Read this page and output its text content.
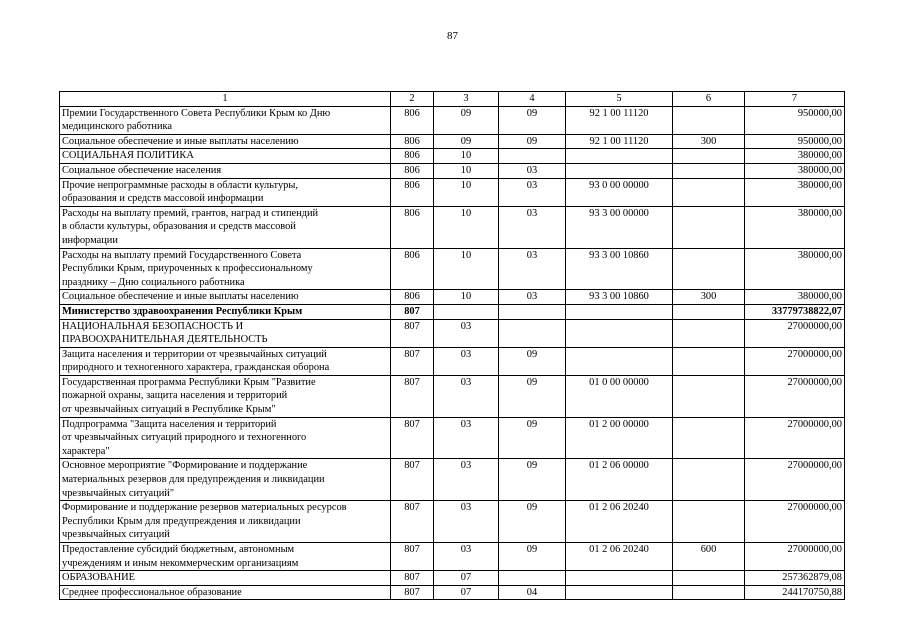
87
1	2	3	4	5	6	7
Премии Государственного Совета Республики Крым ко Дню
медицинского работника	806	09	09	92 1 00 11120		950000,00
Социальное обеспечение и иные выплаты населению	806	09	09	92 1 00 11120	300	950000,00
СОЦИАЛЬНАЯ ПОЛИТИКА	806	10				380000,00
Социальное обеспечение населения	806	10	03			380000,00
Прочие непрограммные расходы в области культуры,
образования и средств массовой информации	806	10	03	93 0 00 00000		380000,00
Расходы на выплату премий, грантов, наград и стипендий
в области культуры, образования и средств массовой
информации	806	10	03	93 3 00 00000		380000,00
Расходы на выплату премий Государственного Совета
Республики Крым, приуроченных к профессиональному
празднику – Дню социального работника	806	10	03	93 3 00 10860		380000,00
Социальное обеспечение и иные выплаты населению	806	10	03	93 3 00 10860	300	380000,00
Министерство здравоохранения Республики Крым	807					33779738822,07
НАЦИОНАЛЬНАЯ БЕЗОПАСНОСТЬ И
ПРАВООХРАНИТЕЛЬНАЯ ДЕЯТЕЛЬНОСТЬ	807	03				27000000,00
Защита населения и территории от чрезвычайных ситуаций
природного и техногенного характера, гражданская оборона	807	03	09			27000000,00
Государственная программа Республики Крым "Развитие
пожарной охраны, защита населения и территорий
от чрезвычайных ситуаций в Республике Крым"	807	03	09	01 0 00 00000		27000000,00
Подпрограмма "Защита населения и территорий
от чрезвычайных ситуаций природного и техногенного
характера"	807	03	09	01 2 00 00000		27000000,00
Основное мероприятие "Формирование и поддержание
материальных резервов для предупреждения и ликвидации
чрезвычайных ситуаций"	807	03	09	01 2 06 00000		27000000,00
Формирование и поддержание резервов материальных ресурсов
Республики Крым для предупреждения и ликвидации
чрезвычайных ситуаций	807	03	09	01 2 06 20240		27000000,00
Предоставление субсидий бюджетным, автономным
учреждениям и иным некоммерческим организациям	807	03	09	01 2 06 20240	600	27000000,00
ОБРАЗОВАНИЕ	807	07				257362879,08
Среднее профессиональное образование	807	07	04			244170750,88
